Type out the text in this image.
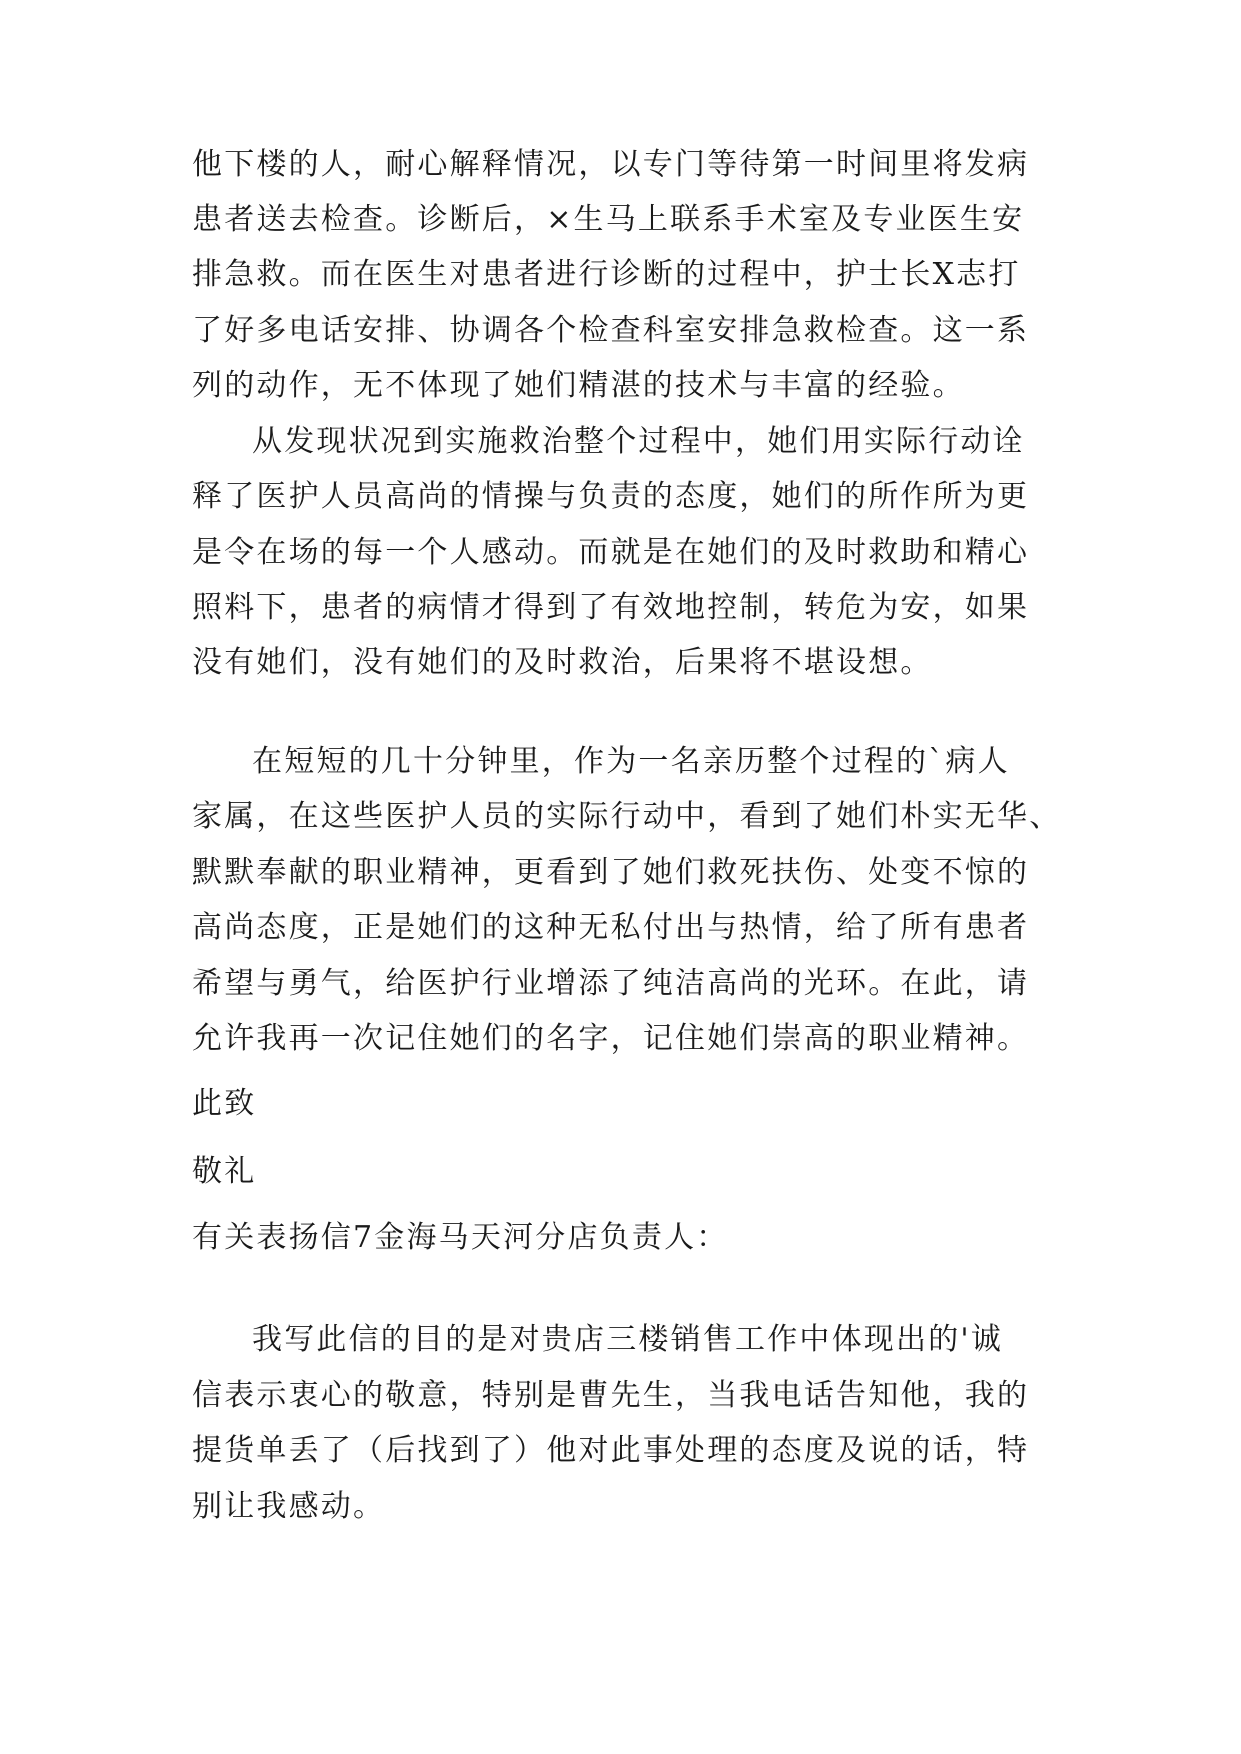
他下楼的人，耐心解释情况，以专门等待第一时间里将发病
患者送去检查。诊断后，×生马上联系手术室及专业医生安
排急救。而在医生对患者进行诊断的过程中，护士长X志打
了好多电话安排、协调各个检查科室安排急救检查。这一系
列的动作，无不体现了她们精湛的技术与丰富的经验。
从发现状况到实施救治整个过程中，她们用实际行动诠
释了医护人员高尚的情操与负责的态度，她们的所作所为更
是令在场的每一个人感动。而就是在她们的及时救助和精心
照料下，患者的病情才得到了有效地控制，转危为安，如果
没有她们，没有她们的及时救治，后果将不堪设想。
在短短的几十分钟里，作为一名亲历整个过程的`病人
家属，在这些医护人员的实际行动中，看到了她们朴实无华、
默默奉献的职业精神，更看到了她们救死扶伤、处变不惊的
高尚态度，正是她们的这种无私付出与热情，给了所有患者
希望与勇气，给医护行业增添了纯洁高尚的光环。在此，请
允许我再一次记住她们的名字，记住她们崇高的职业精神。
此致
敬礼
有关表扬信7金海马天河分店负责人：
我写此信的目的是对贵店三楼销售工作中体现出的'诚
信表示衷心的敬意，特别是曹先生，当我电话告知他，我的
提货单丢了（后找到了）他对此事处理的态度及说的话，特
别让我感动。
